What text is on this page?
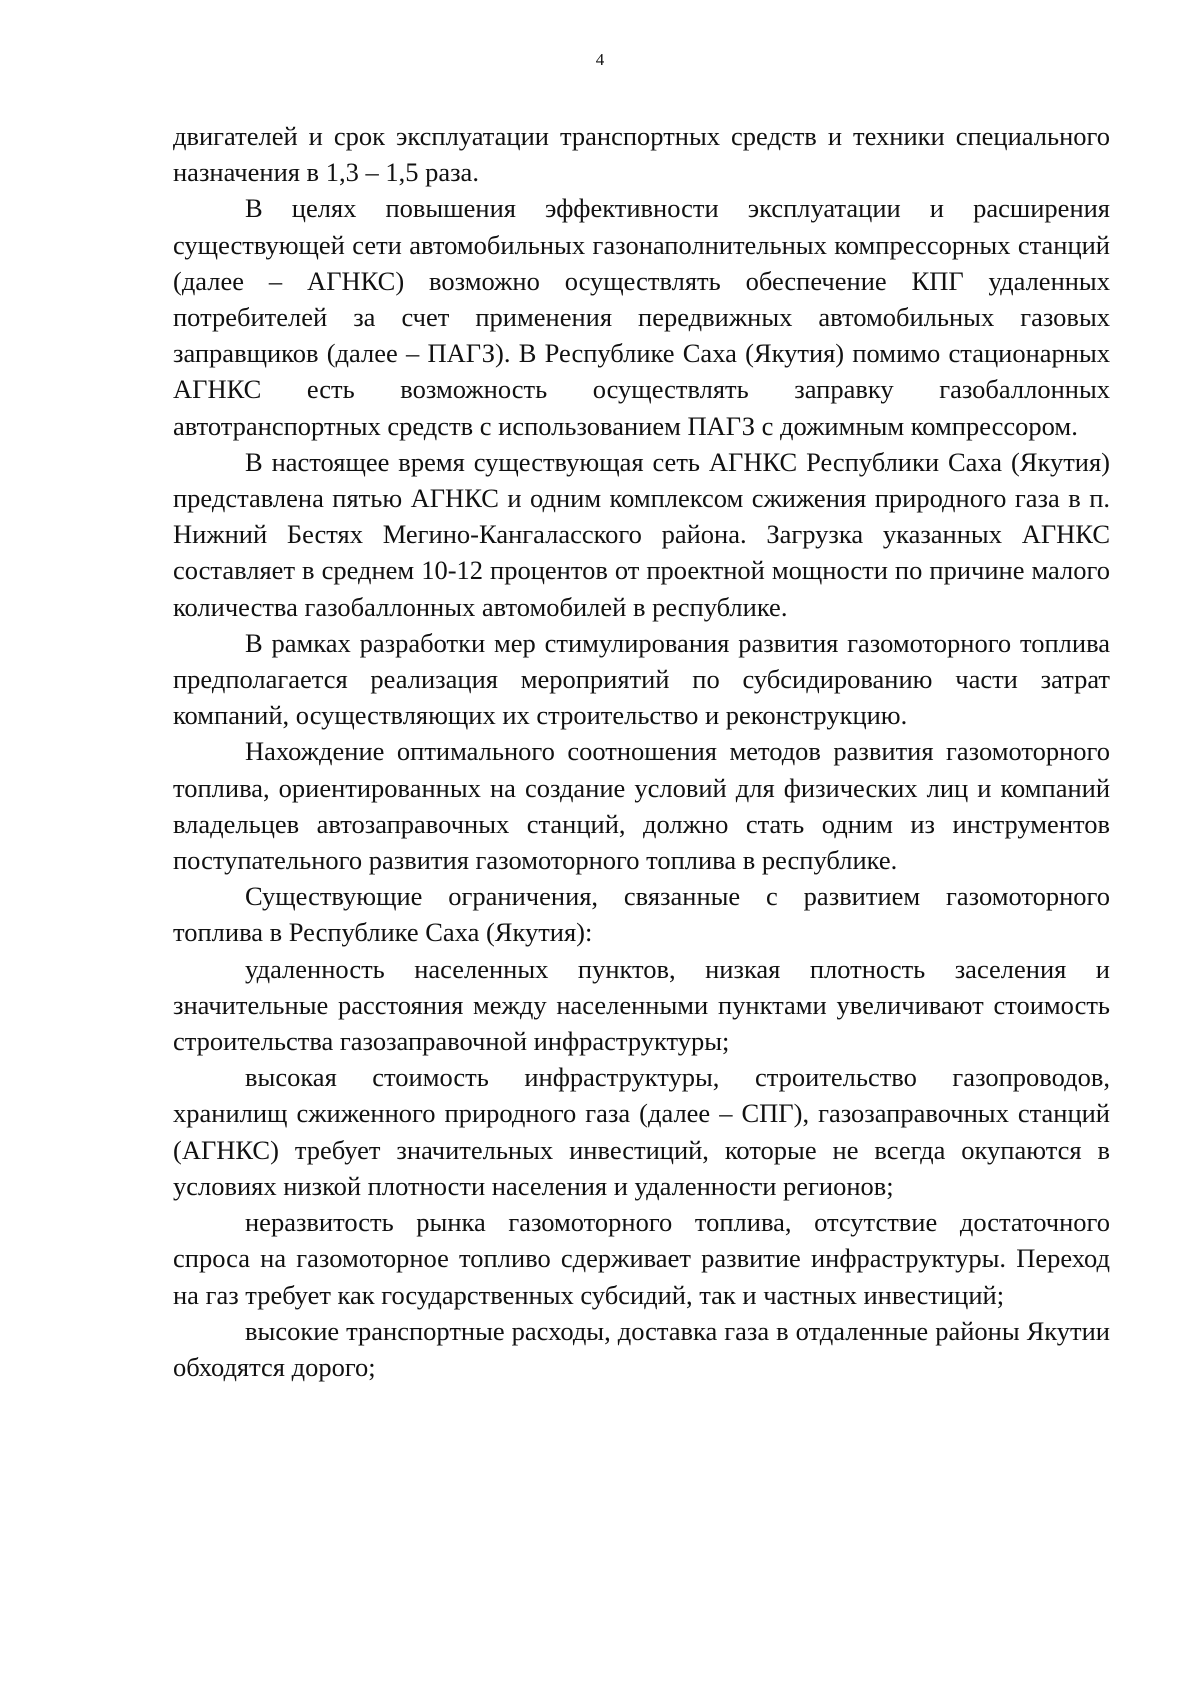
4

двигателей и срок эксплуатации транспортных средств и техники специального назначения в 1,3 – 1,5 раза.

В целях повышения эффективности эксплуатации и расширения существующей сети автомобильных газонаполнительных компрессорных станций (далее – АГНКС) возможно осуществлять обеспечение КПГ удаленных потребителей за счет применения передвижных автомобильных газовых заправщиков (далее – ПАГЗ). В Республике Саха (Якутия) помимо стационарных АГНКС есть возможность осуществлять заправку газобаллонных автотранспортных средств с использованием ПАГЗ с дожимным компрессором.

В настоящее время существующая сеть АГНКС Республики Саха (Якутия) представлена пятью АГНКС и одним комплексом сжижения природного газа в п. Нижний Бестях Мегино-Кангаласского района. Загрузка указанных АГНКС составляет в среднем 10-12 процентов от проектной мощности по причине малого количества газобаллонных автомобилей в республике.

В рамках разработки мер стимулирования развития газомоторного топлива предполагается реализация мероприятий по субсидированию части затрат компаний, осуществляющих их строительство и реконструкцию.

Нахождение оптимального соотношения методов развития газомоторного топлива, ориентированных на создание условий для физических лиц и компаний владельцев автозаправочных станций, должно стать одним из инструментов поступательного развития газомоторного топлива в республике.

Существующие ограничения, связанные с развитием газомоторного топлива в Республике Саха (Якутия):

удаленность населенных пунктов, низкая плотность заселения и значительные расстояния между населенными пунктами увеличивают стоимость строительства газозаправочной инфраструктуры;

высокая стоимость инфраструктуры, строительство газопроводов, хранилищ сжиженного природного газа (далее – СПГ), газозаправочных станций (АГНКС) требует значительных инвестиций, которые не всегда окупаются в условиях низкой плотности населения и удаленности регионов;

неразвитость рынка газомоторного топлива, отсутствие достаточного спроса на газомоторное топливо сдерживает развитие инфраструктуры. Переход на газ требует как государственных субсидий, так и частных инвестиций;

высокие транспортные расходы, доставка газа в отдаленные районы Якутии обходятся дорого;
